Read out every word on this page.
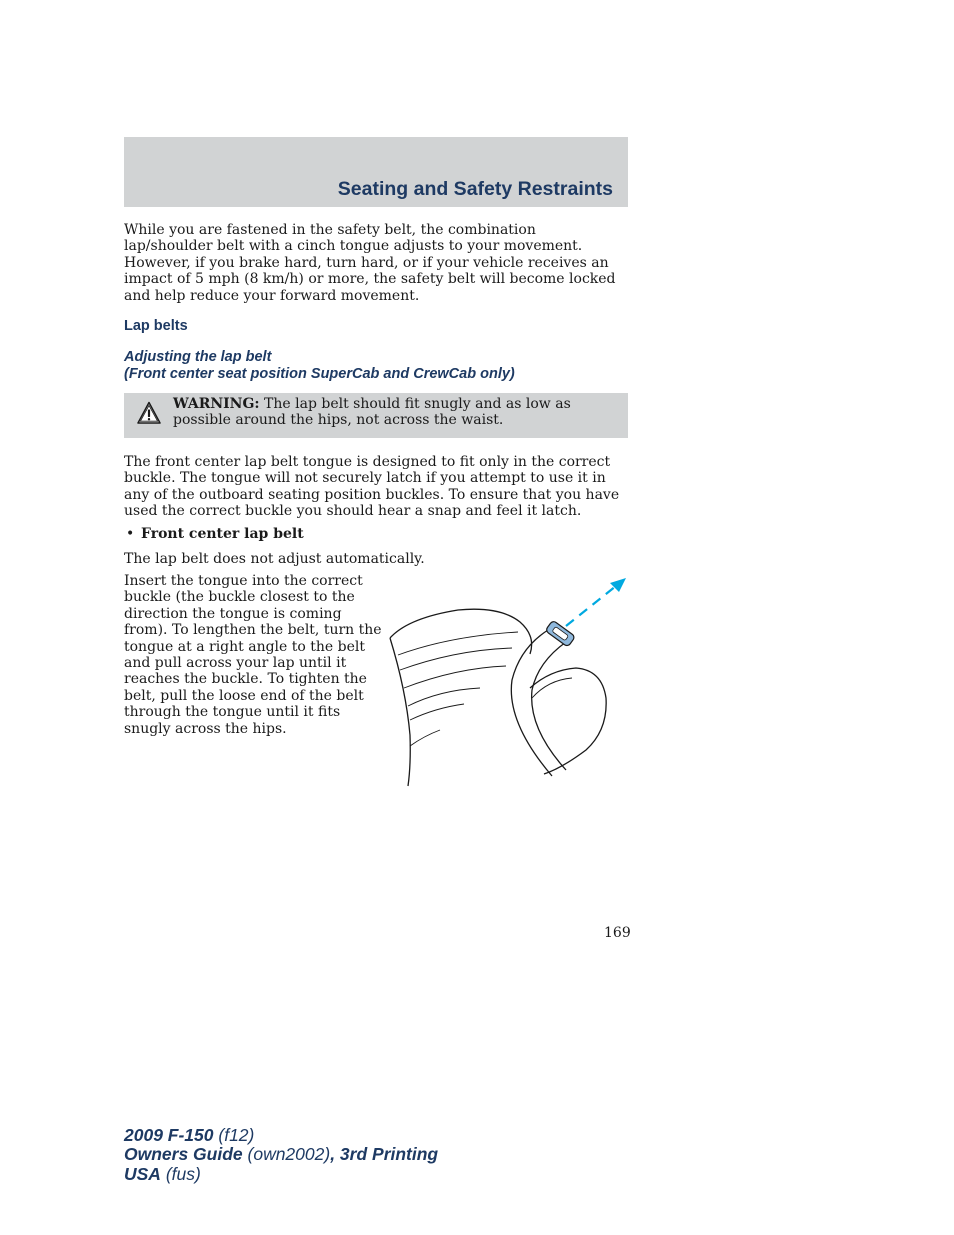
Seating and Safety Restraints

While you are fastened in the safety belt, the combination lap/shoulder belt with a cinch tongue adjusts to your movement. However, if you brake hard, turn hard, or if your vehicle receives an impact of 5 mph (8 km/h) or more, the safety belt will become locked and help reduce your forward movement.

Lap belts
Adjusting the lap belt
(Front center seat position SuperCab and CrewCab only)

WARNING: The lap belt should fit snugly and as low as possible around the hips, not across the waist.

The front center lap belt tongue is designed to fit only in the correct buckle. The tongue will not securely latch if you attempt to use it in any of the outboard seating position buckles. To ensure that you have used the correct buckle you should hear a snap and feel it latch.

• Front center lap belt

The lap belt does not adjust automatically.

Insert the tongue into the correct buckle (the buckle closest to the direction the tongue is coming from). To lengthen the belt, turn the tongue at a right angle to the belt and pull across your lap until it reaches the buckle. To tighten the belt, pull the loose end of the belt through the tongue until it fits snugly across the hips.

169
2009 F-150 (f12)
Owners Guide (own2002), 3rd Printing
USA (fus)
